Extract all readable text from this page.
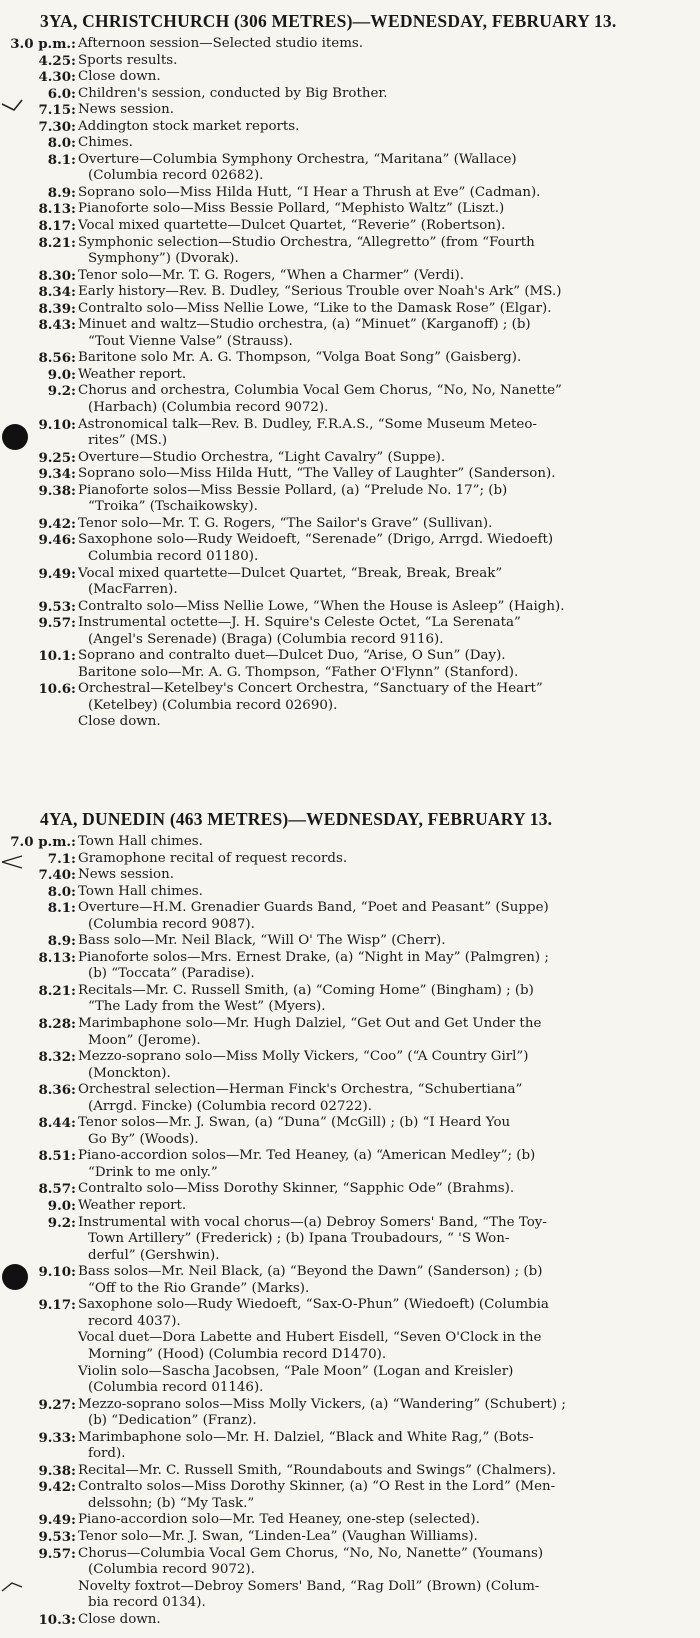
3YA, CHRISTCHURCH (306 METRES)—WEDNESDAY, FEBRUARY 13.
3.0 p.m.: Afternoon session—Selected studio items.
4.25: Sports results.
4.30: Close down.
6.0: Children's session, conducted by Big Brother.
7.15: News session.
7.30: Addington stock market reports.
8.0: Chimes.
8.1: Overture—Columbia Symphony Orchestra, “Maritana” (Wallace)
(Columbia record 02682).
8.9: Soprano solo—Miss Hilda Hutt, “I Hear a Thrush at Eve” (Cadman).
8.13: Pianoforte solo—Miss Bessie Pollard, “Mephisto Waltz” (Liszt.)
8.17: Vocal mixed quartette—Dulcet Quartet, “Reverie” (Robertson).
8.21: Symphonic selection—Studio Orchestra, “Allegretto” (from “Fourth
Symphony”) (Dvorak).
8.30: Tenor solo—Mr. T. G. Rogers, “When a Charmer” (Verdi).
8.34: Early history—Rev. B. Dudley, “Serious Trouble over Noah's Ark” (MS.)
8.39: Contralto solo—Miss Nellie Lowe, “Like to the Damask Rose” (Elgar).
8.43: Minuet and waltz—Studio orchestra, (a) “Minuet” (Karganoff) ; (b)
“Tout Vienne Valse” (Strauss).
8.56: Baritone solo Mr. A. G. Thompson, “Volga Boat Song” (Gaisberg).
9.0: Weather report.
9.2: Chorus and orchestra, Columbia Vocal Gem Chorus, “No, No, Nanette”
(Harbach) (Columbia record 9072).
9.10: Astronomical talk—Rev. B. Dudley, F.R.A.S., “Some Museum Meteo-
rites” (MS.)
9.25: Overture—Studio Orchestra, “Light Cavalry” (Suppe).
9.34: Soprano solo—Miss Hilda Hutt, “The Valley of Laughter” (Sanderson).
9.38: Pianoforte solos—Miss Bessie Pollard, (a) “Prelude No. 17”; (b)
“Troika” (Tschaikowsky).
9.42: Tenor solo—Mr. T. G. Rogers, “The Sailor's Grave” (Sullivan).
9.46: Saxophone solo—Rudy Weidoeft, “Serenade” (Drigo, Arrgd. Wiedoeft)
Columbia record 01180).
9.49: Vocal mixed quartette—Dulcet Quartet, “Break, Break, Break”
(MacFarren).
9.53: Contralto solo—Miss Nellie Lowe, “When the House is Asleep” (Haigh).
9.57: Instrumental octette—J. H. Squire's Celeste Octet, “La Serenata”
(Angel's Serenade) (Braga) (Columbia record 9116).
10.1: Soprano and contralto duet—Dulcet Duo, “Arise, O Sun” (Day).
Baritone solo—Mr. A. G. Thompson, “Father O'Flynn” (Stanford).
10.6: Orchestral—Ketelbey's Concert Orchestra, “Sanctuary of the Heart”
(Ketelbey) (Columbia record 02690).
Close down.
4YA, DUNEDIN (463 METRES)—WEDNESDAY, FEBRUARY 13.
7.0 p.m.: Town Hall chimes.
7.1: Gramophone recital of request records.
7.40: News session.
8.0: Town Hall chimes.
8.1: Overture—H.M. Grenadier Guards Band, “Poet and Peasant” (Suppe)
(Columbia record 9087).
8.9: Bass solo—Mr. Neil Black, “Will O' The Wisp” (Cherr).
8.13: Pianoforte solos—Mrs. Ernest Drake, (a) “Night in May” (Palmgren) ;
(b) “Toccata” (Paradise).
8.21: Recitals—Mr. C. Russell Smith, (a) “Coming Home” (Bingham) ; (b)
“The Lady from the West” (Myers).
8.28: Marimbaphone solo—Mr. Hugh Dalziel, “Get Out and Get Under the
Moon” (Jerome).
8.32: Mezzo-soprano solo—Miss Molly Vickers, “Coo” (“A Country Girl”)
(Monckton).
8.36: Orchestral selection—Herman Finck's Orchestra, “Schubertiana”
(Arrgd. Fincke) (Columbia record 02722).
8.44: Tenor solos—Mr. J. Swan, (a) “Duna” (McGill) ; (b) “I Heard You
Go By” (Woods).
8.51: Piano-accordion solos—Mr. Ted Heaney, (a) “American Medley”; (b)
“Drink to me only.”
8.57: Contralto solo—Miss Dorothy Skinner, “Sapphic Ode” (Brahms).
9.0: Weather report.
9.2: Instrumental with vocal chorus—(a) Debroy Somers' Band, “The Toy-
Town Artillery” (Frederick) ; (b) Ipana Troubadours, “ 'S Won-
derful” (Gershwin).
9.10: Bass solos—Mr. Neil Black, (a) “Beyond the Dawn” (Sanderson) ; (b)
“Off to the Rio Grande” (Marks).
9.17: Saxophone solo—Rudy Wiedoeft, “Sax-O-Phun” (Wiedoeft) (Columbia
record 4037).
Vocal duet—Dora Labette and Hubert Eisdell, “Seven O'Clock in the
Morning” (Hood) (Columbia record D1470).
Violin solo—Sascha Jacobsen, “Pale Moon” (Logan and Kreisler)
(Columbia record 01146).
9.27: Mezzo-soprano solos—Miss Molly Vickers, (a) “Wandering” (Schubert) ;
(b) “Dedication” (Franz).
9.33: Marimbaphone solo—Mr. H. Dalziel, “Black and White Rag,” (Bots-
ford).
9.38: Recital—Mr. C. Russell Smith, “Roundabouts and Swings” (Chalmers).
9.42: Contralto solos—Miss Dorothy Skinner, (a) “O Rest in the Lord” (Men-
delssohn; (b) “My Task.”
9.49: Piano-accordion solo—Mr. Ted Heaney, one-step (selected).
9.53: Tenor solo—Mr. J. Swan, “Linden-Lea” (Vaughan Williams).
9.57: Chorus—Columbia Vocal Gem Chorus, “No, No, Nanette” (Youmans)
(Columbia record 9072).
Novelty foxtrot—Debroy Somers' Band, “Rag Doll” (Brown) (Colum-
bia record 0134).
10.3: Close down.
